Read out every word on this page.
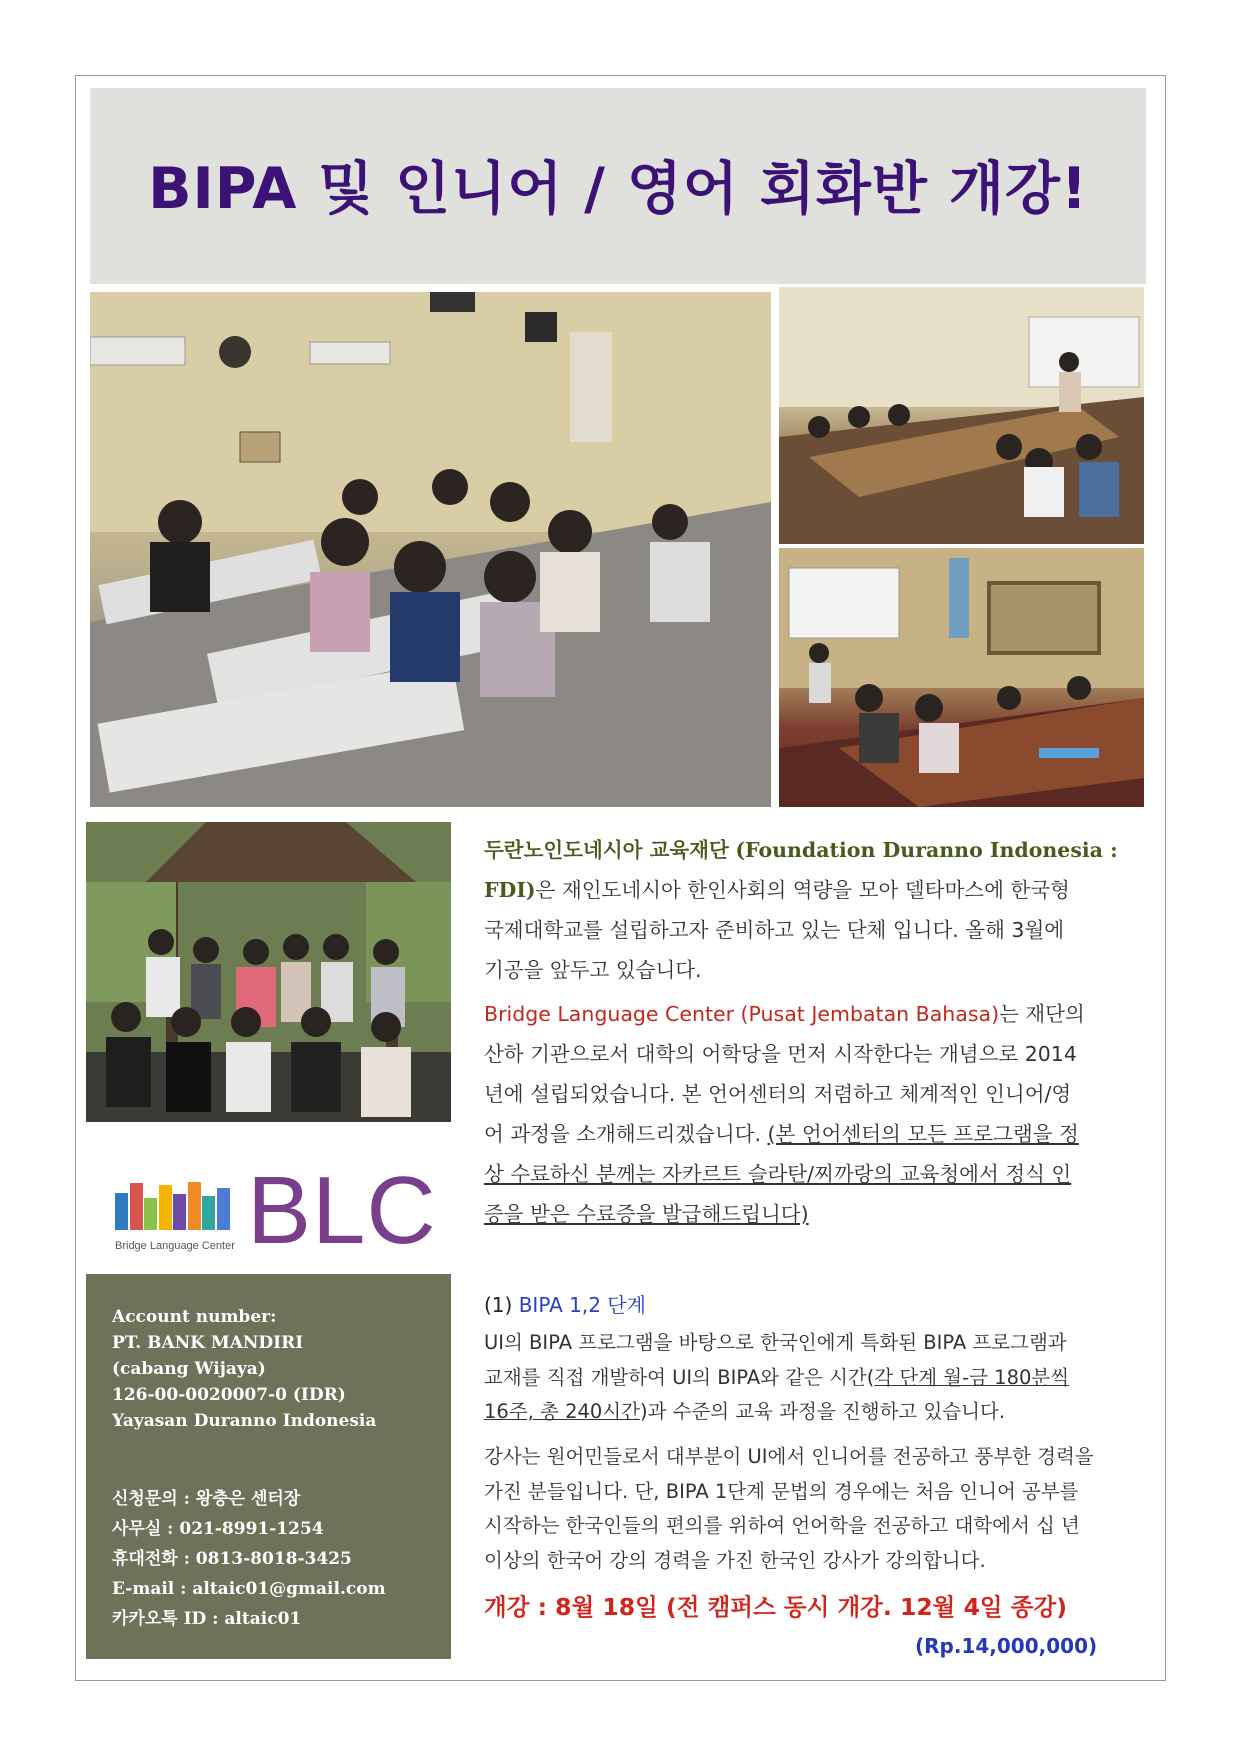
BIPA 및 인니어 / 영어 회화반 개강!
BLC
Bridge Language Center
Account number:
PT. BANK MANDIRI
(cabang Wijaya)
126-00-0020007-0 (IDR)
Yayasan Duranno Indonesia
신청문의 : 왕충은 센터장
사무실 : 021-8991-1254
휴대전화 : 0813-8018-3425
E-mail : altaic01@gmail.com
카카오톡 ID : altaic01
두란노인도네시아 교육재단 (Foundation Duranno Indonesia :
FDI)은 재인도네시아 한인사회의 역량을 모아 델타마스에 한국형
국제대학교를 설립하고자 준비하고 있는 단체 입니다. 올해 3월에
기공을 앞두고 있습니다.
Bridge Language Center (Pusat Jembatan Bahasa)는 재단의
산하 기관으로서 대학의 어학당을 먼저 시작한다는 개념으로 2014
년에 설립되었습니다. 본 언어센터의 저렴하고 체계적인 인니어/영
어 과정을 소개해드리겠습니다. (본 언어센터의 모든 프로그램을 정
상 수료하신 분께는 자카르트 슬라탄/찌까랑의 교육청에서 정식 인
증을 받은 수료증을 발급해드립니다)
(1) BIPA 1,2 단계
UI의 BIPA 프로그램을 바탕으로 한국인에게 특화된 BIPA 프로그램과
교재를 직접 개발하여 UI의 BIPA와 같은 시간(각 단계 월-금 180분씩
16주, 총 240시간)과 수준의 교육 과정을 진행하고 있습니다.
강사는 원어민들로서 대부분이 UI에서 인니어를 전공하고 풍부한 경력을
가진 분들입니다. 단, BIPA 1단계 문법의 경우에는 처음 인니어 공부를
시작하는 한국인들의 편의를 위하여 언어학을 전공하고 대학에서 십 년
이상의 한국어 강의 경력을 가진 한국인 강사가 강의합니다.
개강 : 8월 18일 (전 캠퍼스 동시 개강. 12월 4일 종강)
(Rp.14,000,000)
